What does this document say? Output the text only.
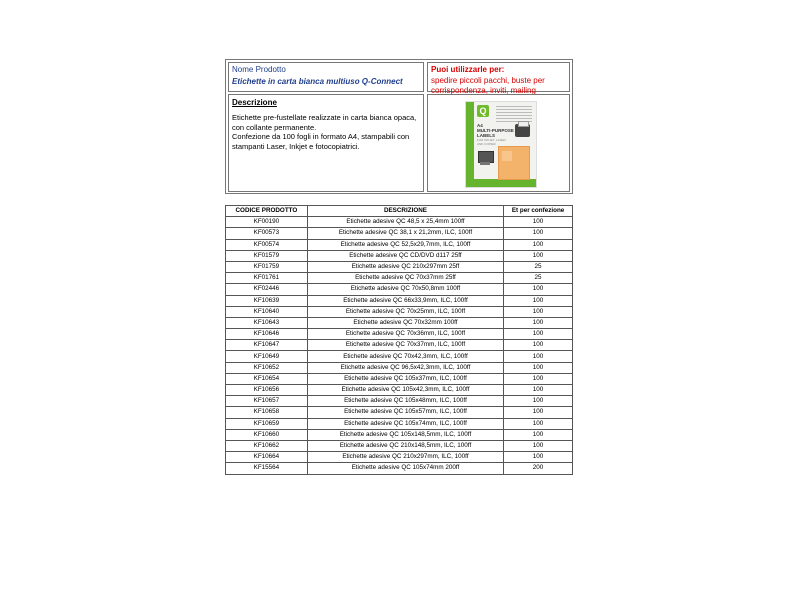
Nome Prodotto
Etichette in carta bianca multiuso Q-Connect
Puoi utilizzarle per:
spedire piccoli pacchi, buste per corrispondenza, inviti, mailing
Descrizione
Etichette pre-fustellate realizzate in carta bianca opaca, con collante permanente.
Confezione da 100 fogli in formato A4, stampabili con stampanti Laser, Inkjet e fotocopiatrici.
Q
A4
MULTI-PURPOSE
LABELS
FOR INKJET, LASER
AND COPIER
CODICE PRODOTTO	DESCRIZIONE	Et per confezione
KF00190	Etichette adesive QC 48,5 x 25,4mm 100ff	100
KF00573	Etichette adesive QC 38,1 x 21,2mm, ILC, 100ff	100
KF00574	Etichette adesive QC 52,5x29,7mm, ILC, 100ff	100
KF01579	Etichette adesive QC CD/DVD d117 25ff	100
KF01759	Etichette adesive QC 210x297mm 25ff	25
KF01761	Etichette adesive QC 70x37mm 25ff	25
KF02446	Etichette adesive QC 70x50,8mm 100ff	100
KF10639	Etichette adesive QC 66x33,9mm, ILC, 100ff	100
KF10640	Etichette adesive QC 70x25mm, ILC, 100ff	100
KF10643	Etichette adesive QC 70x32mm 100ff	100
KF10646	Etichette adesive QC 70x36mm, ILC, 100ff	100
KF10647	Etichette adesive QC 70x37mm, ILC, 100ff	100
KF10649	Etichette adesive QC 70x42,3mm, ILC, 100ff	100
KF10652	Etichette adesive QC 96,5x42,3mm, ILC, 100ff	100
KF10654	Etichette adesive QC 105x37mm, ILC, 100ff	100
KF10656	Etichette adesive QC 105x42,3mm, ILC, 100ff	100
KF10657	Etichette adesive QC 105x48mm, ILC, 100ff	100
KF10658	Etichette adesive QC 105x57mm, ILC, 100ff	100
KF10659	Etichette adesive QC 105x74mm, ILC, 100ff	100
KF10660	Etichette adesive QC 105x148,5mm, ILC, 100ff	100
KF10662	Etichette adesive QC 210x148,5mm, ILC, 100ff	100
KF10664	Etichette adesive QC 210x297mm, ILC, 100ff	100
KF15564	Etichette adesive QC 105x74mm 200ff	200
